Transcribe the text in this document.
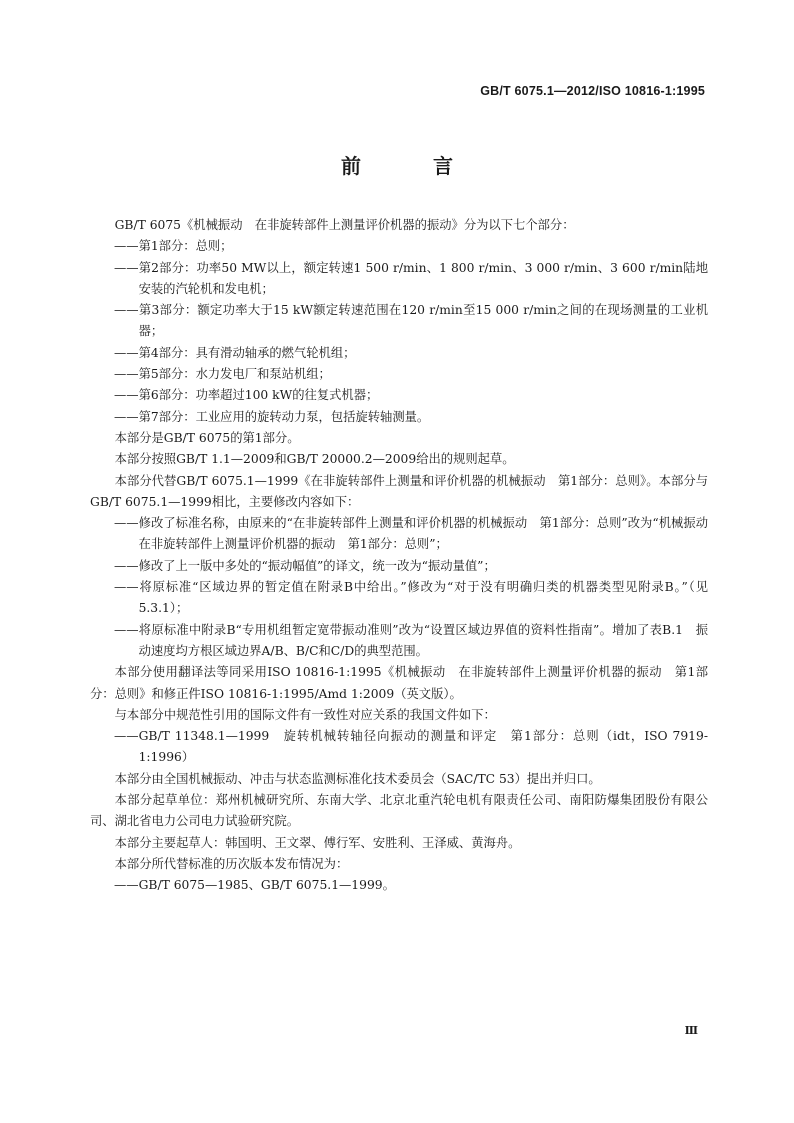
GB/T 6075.1—2012/ISO 10816-1:1995
前　言

GB/T 6075《机械振动　在非旋转部件上测量评价机器的振动》分为以下七个部分：

——第1部分：总则；

——第2部分：功率50 MW以上，额定转速1 500 r/min、1 800 r/min、3 000 r/min、3 600 r/min陆地安装的汽轮机和发电机；

——第3部分：额定功率大于15 kW额定转速范围在120 r/min至15 000 r/min之间的在现场测量的工业机器；

——第4部分：具有滑动轴承的燃气轮机组；

——第5部分：水力发电厂和泵站机组；

——第6部分：功率超过100 kW的往复式机器；

——第7部分：工业应用的旋转动力泵，包括旋转轴测量。

本部分是GB/T 6075的第1部分。

本部分按照GB/T 1.1—2009和GB/T 20000.2—2009给出的规则起草。

本部分代替GB/T 6075.1—1999《在非旋转部件上测量和评价机器的机械振动　第1部分：总则》。本部分与GB/T 6075.1—1999相比，主要修改内容如下：

——修改了标准名称，由原来的“在非旋转部件上测量和评价机器的机械振动　第1部分：总则”改为“机械振动　在非旋转部件上测量评价机器的振动　第1部分：总则”；

——修改了上一版中多处的“振动幅值”的译文，统一改为“振动量值”；

——将原标准“区域边界的暂定值在附录B中给出。”修改为“对于没有明确归类的机器类型见附录B。”（见5.3.1）；

——将原标准中附录B“专用机组暂定宽带振动准则”改为“设置区域边界值的资料性指南”。增加了表B.1　振动速度均方根区域边界A/B、B/C和C/D的典型范围。

本部分使用翻译法等同采用ISO 10816-1:1995《机械振动　在非旋转部件上测量评价机器的振动　第1部分：总则》和修正件ISO 10816-1:1995/Amd 1:2009（英文版）。

与本部分中规范性引用的国际文件有一致性对应关系的我国文件如下：

——GB/T 11348.1—1999　旋转机械转轴径向振动的测量和评定　第1部分：总则（idt，ISO 7919-1:1996）

本部分由全国机械振动、冲击与状态监测标准化技术委员会（SAC/TC 53）提出并归口。

本部分起草单位：郑州机械研究所、东南大学、北京北重汽轮电机有限责任公司、南阳防爆集团股份有限公司、湖北省电力公司电力试验研究院。

本部分主要起草人：韩国明、王文翠、傅行军、安胜利、王泽威、黄海舟。

本部分所代替标准的历次版本发布情况为：

——GB/T 6075—1985、GB/T 6075.1—1999。

Ⅲ
